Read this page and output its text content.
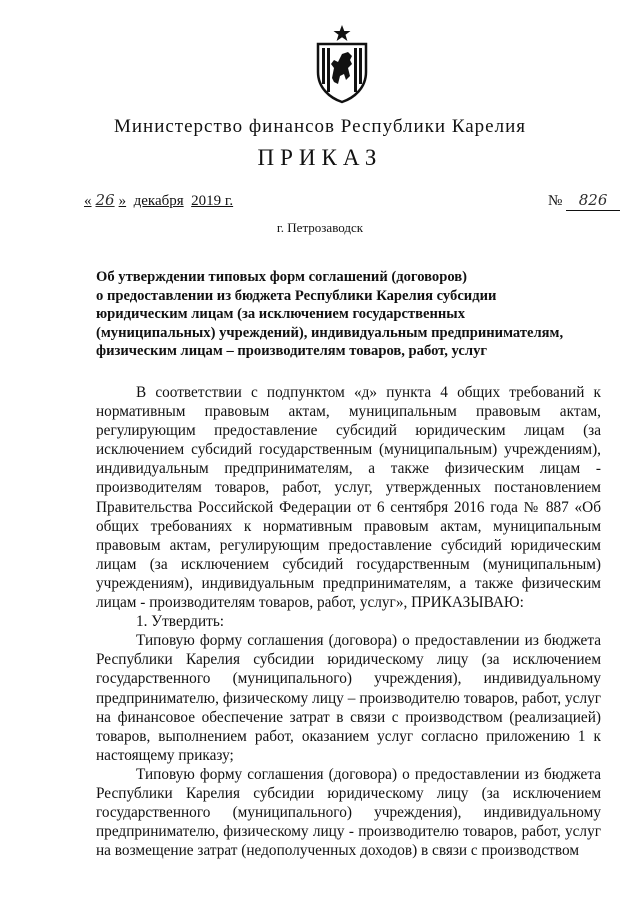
Министерство финансов Республики Карелия
ПРИКАЗ
« 26 » декабря 2019 г.	№ 826
г. Петрозаводск
Об утверждении типовых форм соглашений (договоров)
о предоставлении из бюджета Республики Карелия субсидии
юридическим лицам (за исключением государственных
(муниципальных) учреждений), индивидуальным предпринимателям,
физическим лицам – производителям товаров, работ, услуг

В соответствии с подпунктом «д» пункта 4 общих требований к нормативным правовым актам, муниципальным правовым актам, регулирующим предоставление субсидий юридическим лицам (за исключением субсидий государственным (муниципальным) учреждениям), индивидуальным предпринимателям, а также физическим лицам - производителям товаров, работ, услуг, утвержденных постановлением Правительства Российской Федерации от 6 сентября 2016 года № 887 «Об общих требованиях к нормативным правовым актам, муниципальным правовым актам, регулирующим предоставление субсидий юридическим лицам (за исключением субсидий государственным (муниципальным) учреждениям), индивидуальным предпринимателям, а также физическим лицам - производителям товаров, работ, услуг», ПРИКАЗЫВАЮ:

1. Утвердить:

Типовую форму соглашения (договора) о предоставлении из бюджета Республики Карелия субсидии юридическому лицу (за исключением государственного (муниципального) учреждения), индивидуальному предпринимателю, физическому лицу – производителю товаров, работ, услуг на финансовое обеспечение затрат в связи с производством (реализацией) товаров, выполнением работ, оказанием услуг согласно приложению 1 к настоящему приказу;

Типовую форму соглашения (договора) о предоставлении из бюджета Республики Карелия субсидии юридическому лицу (за исключением государственного (муниципального) учреждения), индивидуальному предпринимателю, физическому лицу - производителю товаров, работ, услуг на возмещение затрат (недополученных доходов) в связи с производством
